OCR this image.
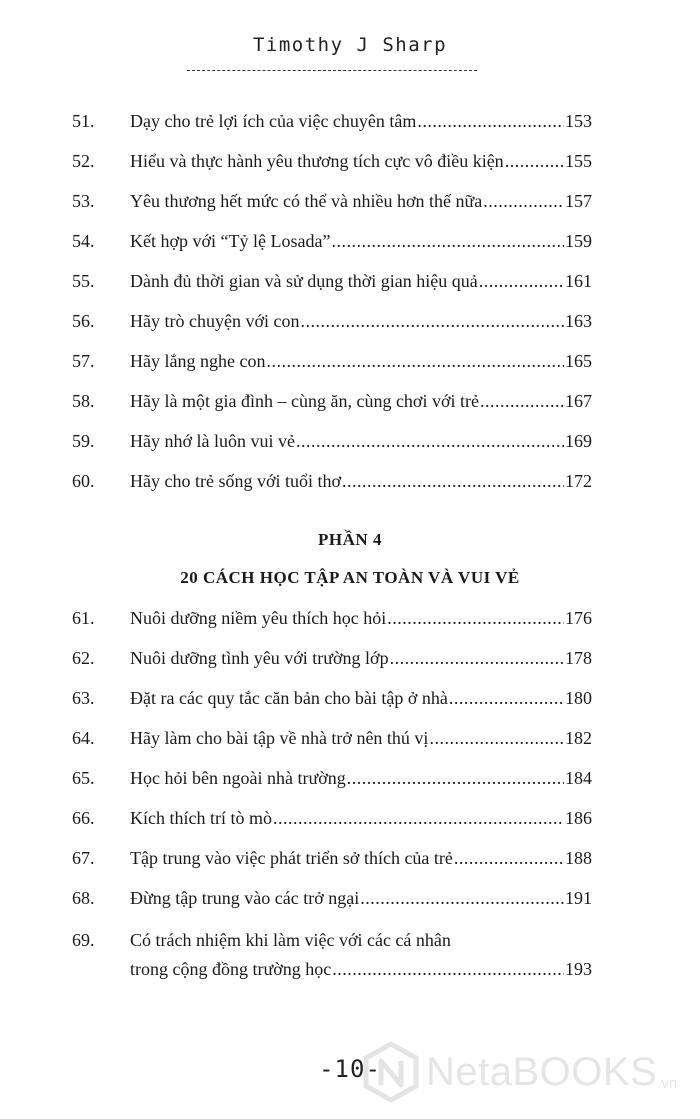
Timothy J Sharp
51.	Dạy cho trẻ lợi ích của việc chuyên tâm .....	153
52.	Hiểu và thực hành yêu thương tích cực vô điều kiện .....	155
53.	Yêu thương hết mức có thể và nhiều hơn thế nữa .....	157
54.	Kết hợp với “Tỷ lệ Losada” .....	159
55.	Dành đủ thời gian và sử dụng thời gian hiệu quả .....	161
56.	Hãy trò chuyện với con .....	163
57.	Hãy lắng nghe con .....	165
58.	Hãy là một gia đình – cùng ăn, cùng chơi với trẻ .....	167
59.	Hãy nhớ là luôn vui vẻ .....	169
60.	Hãy cho trẻ sống với tuổi thơ .....	172
PHẦN 4
20 CÁCH HỌC TẬP AN TOÀN VÀ VUI VẺ
61.	Nuôi dưỡng niềm yêu thích học hỏi .....	176
62.	Nuôi dưỡng tình yêu với trường lớp .....	178
63.	Đặt ra các quy tắc căn bản cho bài tập ở nhà .....	180
64.	Hãy làm cho bài tập về nhà trở nên thú vị .....	182
65.	Học hỏi bên ngoài nhà trường .....	184
66.	Kích thích trí tò mò .....	186
67.	Tập trung vào việc phát triển sở thích của trẻ .....	188
68.	Đừng tập trung vào các trở ngại .....	191
69.	Có trách nhiệm khi làm việc với các cá nhân
trong cộng đồng trường học .....	193
-10-	NetaBOOKS .vn
